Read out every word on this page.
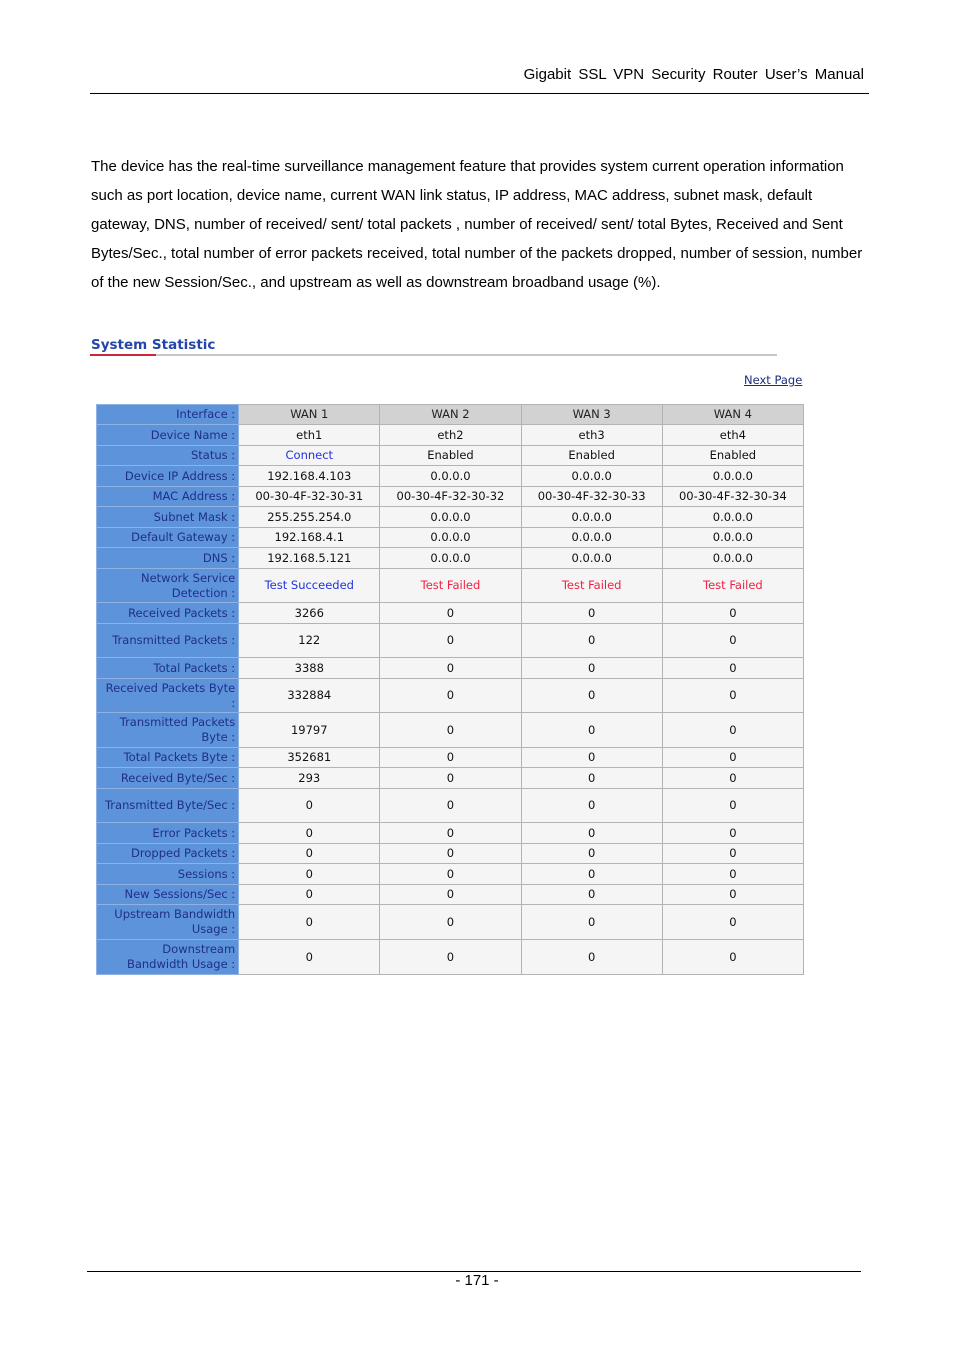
Gigabit SSL VPN Security Router User’s Manual
The device has the real-time surveillance management feature that provides system current operation information such as port location, device name, current WAN link status, IP address, MAC address, subnet mask, default gateway, DNS, number of received/ sent/ total packets , number of received/ sent/ total Bytes, Received and Sent Bytes/Sec., total number of error packets received, total number of the packets dropped, number of session, number of the new Session/Sec., and upstream as well as downstream broadband usage (%).
System Statistic
Next Page
Interface :	WAN 1	WAN 2	WAN 3	WAN 4
Device Name :	eth1	eth2	eth3	eth4
Status :	Connect	Enabled	Enabled	Enabled
Device IP Address :	192.168.4.103	0.0.0.0	0.0.0.0	0.0.0.0
MAC Address :	00-30-4F-32-30-31	00-30-4F-32-30-32	00-30-4F-32-30-33	00-30-4F-32-30-34
Subnet Mask :	255.255.254.0	0.0.0.0	0.0.0.0	0.0.0.0
Default Gateway :	192.168.4.1	0.0.0.0	0.0.0.0	0.0.0.0
DNS :	192.168.5.121	0.0.0.0	0.0.0.0	0.0.0.0
Network Service Detection :	Test Succeeded	Test Failed	Test Failed	Test Failed
Received Packets :	3266	0	0	0
Transmitted Packets :	122	0	0	0
Total Packets :	3388	0	0	0
Received Packets Byte :	332884	0	0	0
Transmitted Packets Byte :	19797	0	0	0
Total Packets Byte :	352681	0	0	0
Received Byte/Sec :	293	0	0	0
Transmitted Byte/Sec :	0	0	0	0
Error Packets :	0	0	0	0
Dropped Packets :	0	0	0	0
Sessions :	0	0	0	0
New Sessions/Sec :	0	0	0	0
Upstream Bandwidth Usage :	0	0	0	0
Downstream Bandwidth Usage :	0	0	0	0
- 171 -
